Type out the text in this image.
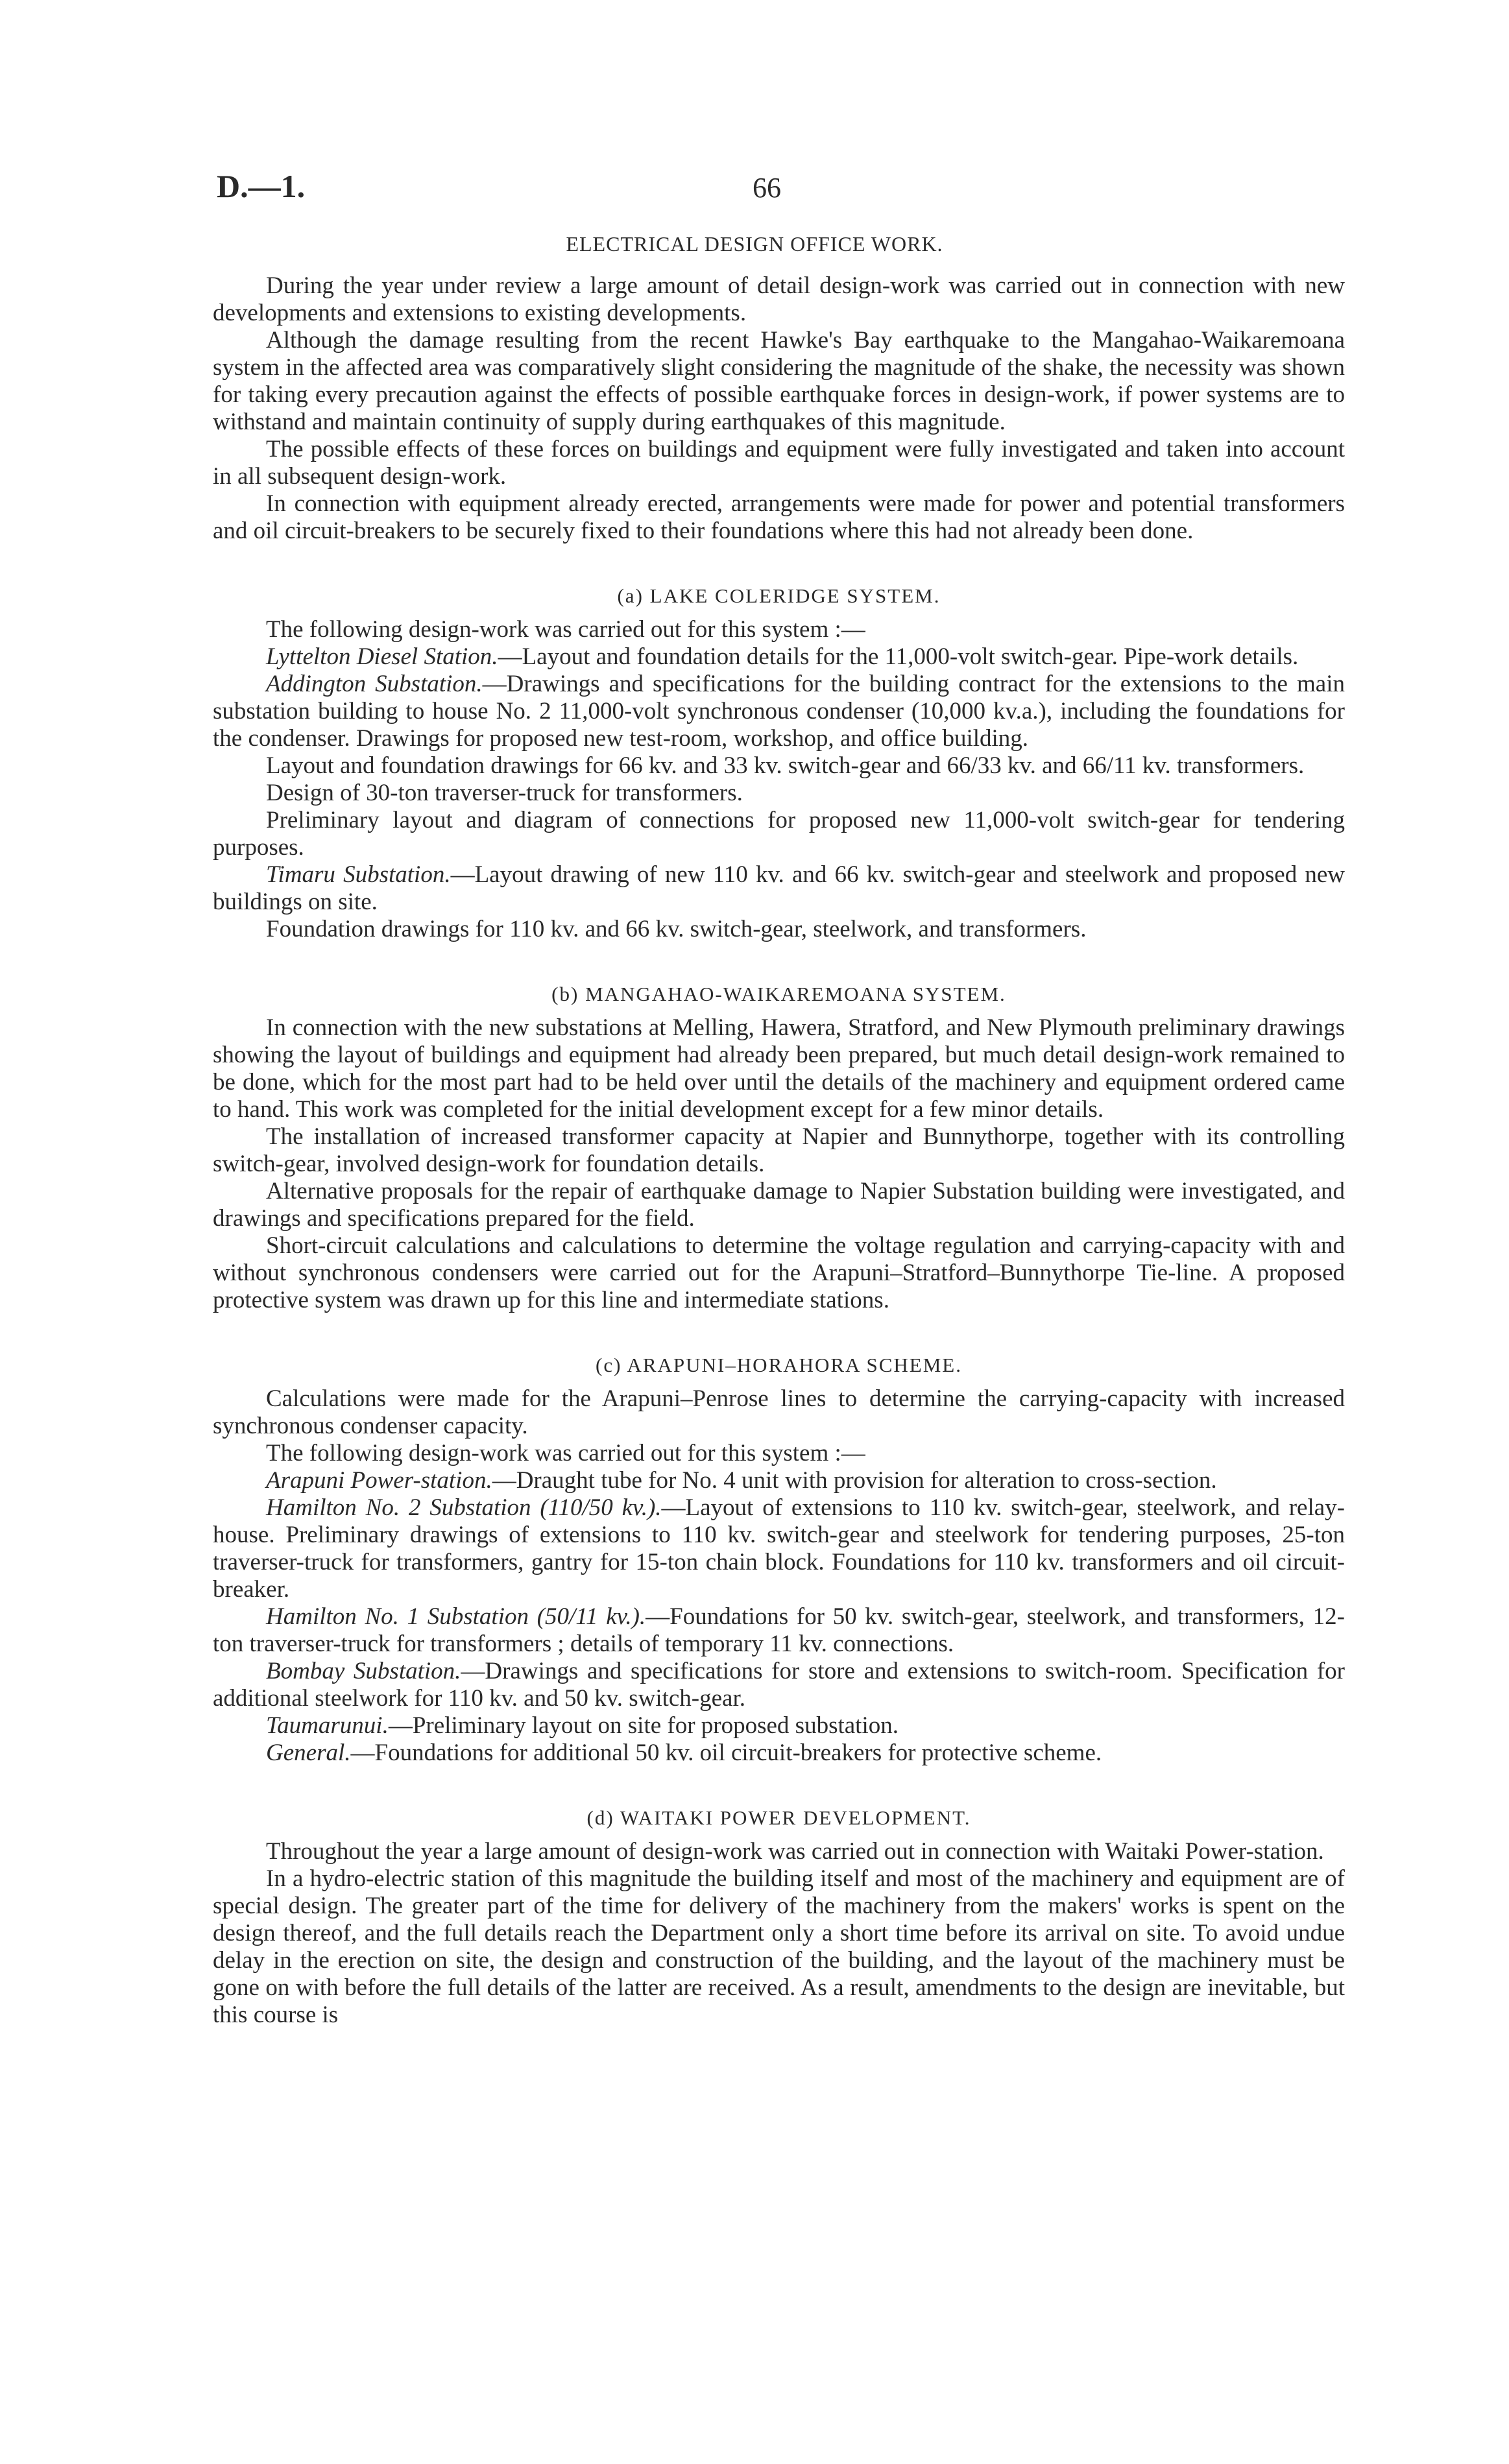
D.—1.	66
ELECTRICAL DESIGN OFFICE WORK.

During the year under review a large amount of detail design-work was carried out in connection with new developments and extensions to existing developments.

Although the damage resulting from the recent Hawke's Bay earthquake to the Mangahao-Waikaremoana system in the affected area was comparatively slight considering the magnitude of the shake, the necessity was shown for taking every precaution against the effects of possible earthquake forces in design-work, if power systems are to withstand and maintain continuity of supply during earthquakes of this magnitude.

The possible effects of these forces on buildings and equipment were fully investigated and taken into account in all subsequent design-work.

In connection with equipment already erected, arrangements were made for power and potential transformers and oil circuit-breakers to be securely fixed to their foundations where this had not already been done.

(a) LAKE COLERIDGE SYSTEM.

The following design-work was carried out for this system :—

Lyttelton Diesel Station.—Layout and foundation details for the 11,000-volt switch-gear. Pipe-work details.

Addington Substation.—Drawings and specifications for the building contract for the extensions to the main substation building to house No. 2 11,000-volt synchronous condenser (10,000 kv.a.), including the foundations for the condenser. Drawings for proposed new test-room, workshop, and office building.

Layout and foundation drawings for 66 kv. and 33 kv. switch-gear and 66/33 kv. and 66/11 kv. transformers.

Design of 30-ton traverser-truck for transformers.

Preliminary layout and diagram of connections for proposed new 11,000-volt switch-gear for tendering purposes.

Timaru Substation.—Layout drawing of new 110 kv. and 66 kv. switch-gear and steelwork and proposed new buildings on site.

Foundation drawings for 110 kv. and 66 kv. switch-gear, steelwork, and transformers.

(b) MANGAHAO-WAIKAREMOANA SYSTEM.

In connection with the new substations at Melling, Hawera, Stratford, and New Plymouth preliminary drawings showing the layout of buildings and equipment had already been prepared, but much detail design-work remained to be done, which for the most part had to be held over until the details of the machinery and equipment ordered came to hand. This work was completed for the initial development except for a few minor details.

The installation of increased transformer capacity at Napier and Bunnythorpe, together with its controlling switch-gear, involved design-work for foundation details.

Alternative proposals for the repair of earthquake damage to Napier Substation building were investigated, and drawings and specifications prepared for the field.

Short-circuit calculations and calculations to determine the voltage regulation and carrying-capacity with and without synchronous condensers were carried out for the Arapuni–Stratford–Bunnythorpe Tie-line. A proposed protective system was drawn up for this line and intermediate stations.

(c) ARAPUNI–HORAHORA SCHEME.

Calculations were made for the Arapuni–Penrose lines to determine the carrying-capacity with increased synchronous condenser capacity.

The following design-work was carried out for this system :—

Arapuni Power-station.—Draught tube for No. 4 unit with provision for alteration to cross-section.

Hamilton No. 2 Substation (110/50 kv.).—Layout of extensions to 110 kv. switch-gear, steelwork, and relay-house. Preliminary drawings of extensions to 110 kv. switch-gear and steelwork for tendering purposes, 25-ton traverser-truck for transformers, gantry for 15-ton chain block. Foundations for 110 kv. transformers and oil circuit-breaker.

Hamilton No. 1 Substation (50/11 kv.).—Foundations for 50 kv. switch-gear, steelwork, and transformers, 12-ton traverser-truck for transformers ; details of temporary 11 kv. connections.

Bombay Substation.—Drawings and specifications for store and extensions to switch-room. Specification for additional steelwork for 110 kv. and 50 kv. switch-gear.

Taumarunui.—Preliminary layout on site for proposed substation.

General.—Foundations for additional 50 kv. oil circuit-breakers for protective scheme.

(d) WAITAKI POWER DEVELOPMENT.

Throughout the year a large amount of design-work was carried out in connection with Waitaki Power-station.

In a hydro-electric station of this magnitude the building itself and most of the machinery and equipment are of special design. The greater part of the time for delivery of the machinery from the makers' works is spent on the design thereof, and the full details reach the Department only a short time before its arrival on site. To avoid undue delay in the erection on site, the design and construction of the building, and the layout of the machinery must be gone on with before the full details of the latter are received. As a result, amendments to the design are inevitable, but this course is
